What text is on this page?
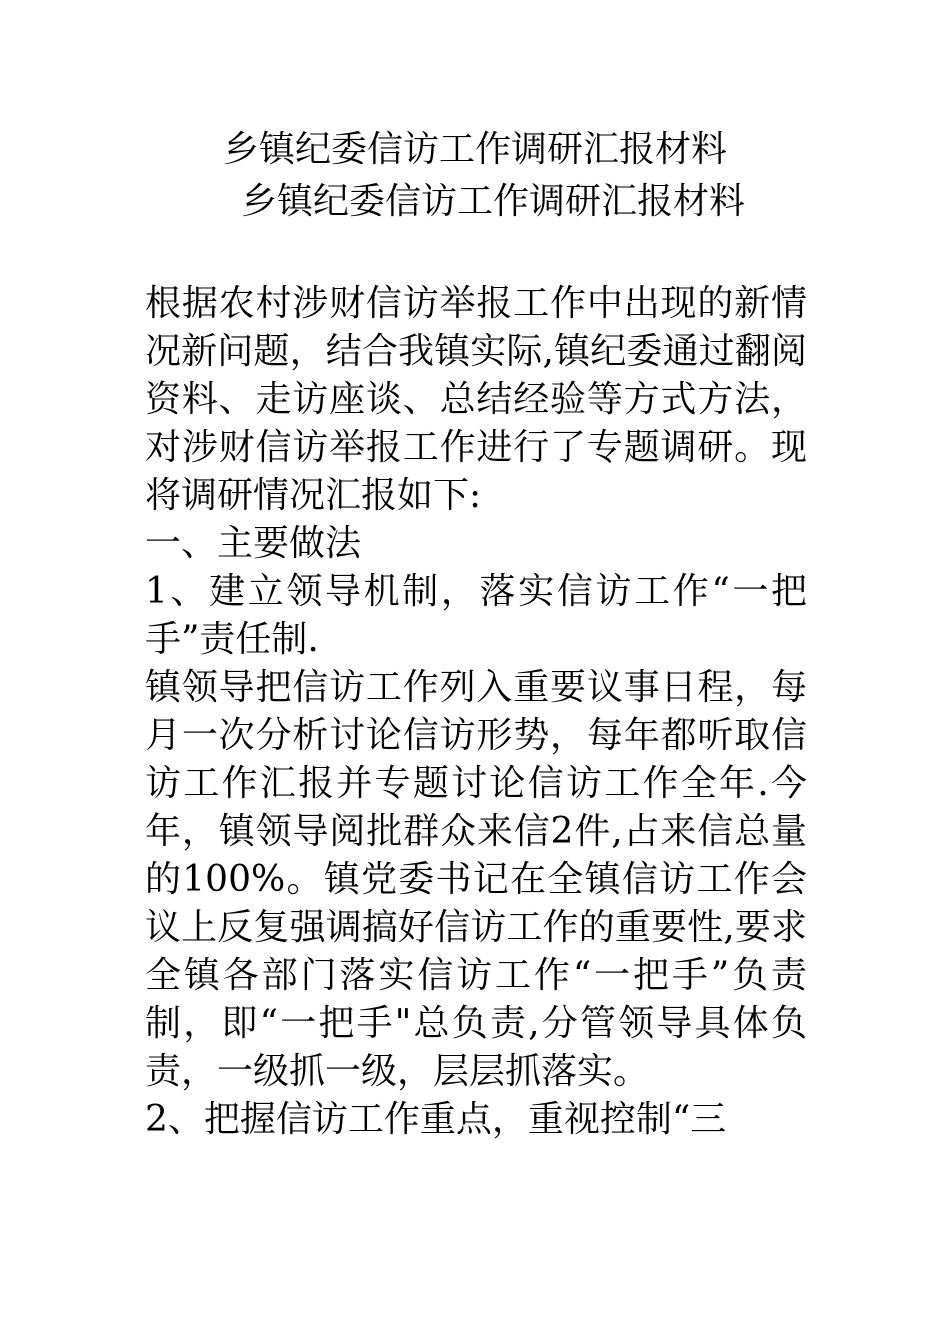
乡镇纪委信访工作调研汇报材料
乡镇纪委信访工作调研汇报材料

根据农村涉财信访举报工作中出现的新情况新问题，结合我镇实际,镇纪委通过翻阅资料、走访座谈、总结经验等方式方法，对涉财信访举报工作进行了专题调研。现将调研情况汇报如下:

一、主要做法

1、建立领导机制，落实信访工作“一把手”责任制.

镇领导把信访工作列入重要议事日程，每月一次分析讨论信访形势，每年都听取信访工作汇报并专题讨论信访工作全年.今年，镇领导阅批群众来信2件,占来信总量的100%。镇党委书记在全镇信访工作会议上反复强调搞好信访工作的重要性,要求全镇各部门落实信访工作“一把手”负责制，即“一把手"总负责,分管领导具体负责，一级抓一级，层层抓落实。

2、把握信访工作重点，重视控制“三
